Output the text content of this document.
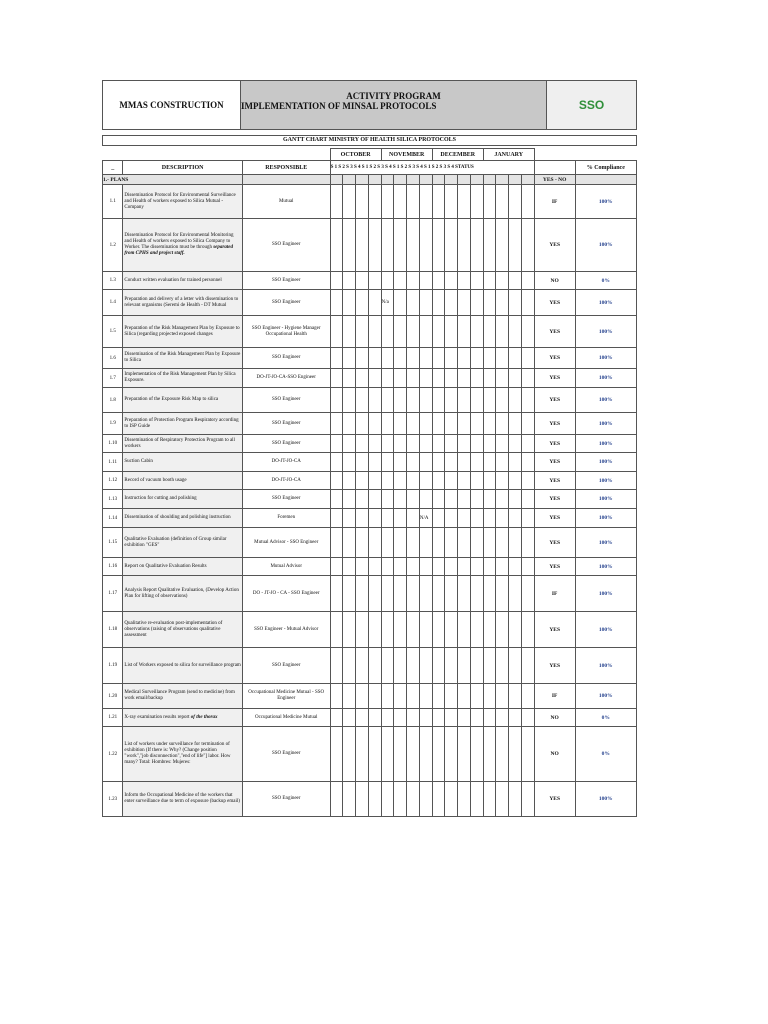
MMAS CONSTRUCTION
ACTIVITY PROGRAM
IMPLEMENTATION OF MINSAL PROTOCOLS	SSO
GANTT CHART MINISTRY OF HEALTH SILICA PROTOCOLS
			OCTOBER				NOVEMBER				DECEMBER				JANUARY					
_	DESCRIPTION	RESPONSIBLE	S 1 S 2 S 3 S 4 S 1 S 2 S 3 S 4 S 1 S 2 S 3 S 4 S 1 S 2 S 3 S 4 STATUS																	% Compliance
1.- PLANS																			YES - NO	
1.1	Dissemination Protocol for Environmental Surveillance and Health of workers exposed to Silica Mutual - Company	Mutual																	IF	100%
1.2	Dissemination Protocol for Environmental Monitoring and Health of workers exposed to Silica Company to Worker. The dissemination must be through separated from CPHS and project staff.	SSO Engineer																	YES	100%
1.3	Conduct written evaluation for trained personnel	SSO Engineer																	NO	0%
1.4	Preparation and delivery of a letter with dissemination to relevant organisms (Seremi de Health - DT Mutual	SSO Engineer					N/a												YES	100%
1.5	Preparation of the Risk Management Plan by Exposure to Silica (regarding projected exposed changes	SSO Engineer - Hygiene Manager Occupational Health																	YES	100%
1.6	Dissemination of the Risk Management Plan by Exposure to Silica	SSO Engineer																	YES	100%
1.7	Implementation of the Risk Management Plan by Silica Exposure.	DO-JT-JO-CA-SSO Engineer																	YES	100%
1.8	Preparation of the Exposure Risk Map to silica	SSO Engineer																	YES	100%
1.9	Preparation of Protection Program Respiratory according to ISP Guide	SSO Engineer																	YES	100%
1.10	Dissemination of Respiratory Protection Program to all workers	SSO Engineer																	YES	100%
1.11	Suction Cabin	DO-JT-JO-CA																	YES	100%
1.12	Record of vacuum booth usage	DO-JT-JO-CA																	YES	100%
1.13	Instruction for cutting and polishing	SSO Engineer																	YES	100%
1.14	Dissemination of shoulding and polishing instruction	Foremen								N/A									YES	100%
1.15	Qualitative Evaluation (definition of Group similar exhibition "GES"	Mutual Advisor - SSO Engineer																	YES	100%
1.16	Report on Qualitative Evaluation Results	Mutual Advisor																	YES	100%
1.17	Analysis Report Qualitative Evaluation, (Develop Action Plan for lifting of observations)	DO - JT-JO - CA - SSO Engineer																	IF	100%
1.18	Qualitative re-evaluation post-implementation of observations (raising of observations qualitative assessment	SSO Engineer - Mutual Advisor																	YES	100%
1.19	List of Workers exposed to silica for surveillance program	SSO Engineer																	YES	100%
1.20	Medical Surveillance Program (send to medicine) from work email/backup	Occupational Medicine Mutual - SSO Engineer																	IF	100%
1.21	X-ray examination results report of the thorax	Occupational Medicine Mutual																	NO	0%
1.22	List of workers under surveillance for termination of exhibition (If there is: Why? (Change position "work","job disconnection","end of life"] labor. How many? Total: Hombres: Mujeres:	SSO Engineer																	NO	0%
1.23	Inform the Occupational Medicine of the workers that enter surveillance due to term of exposure (backup email)	SSO Engineer																	YES	100%
